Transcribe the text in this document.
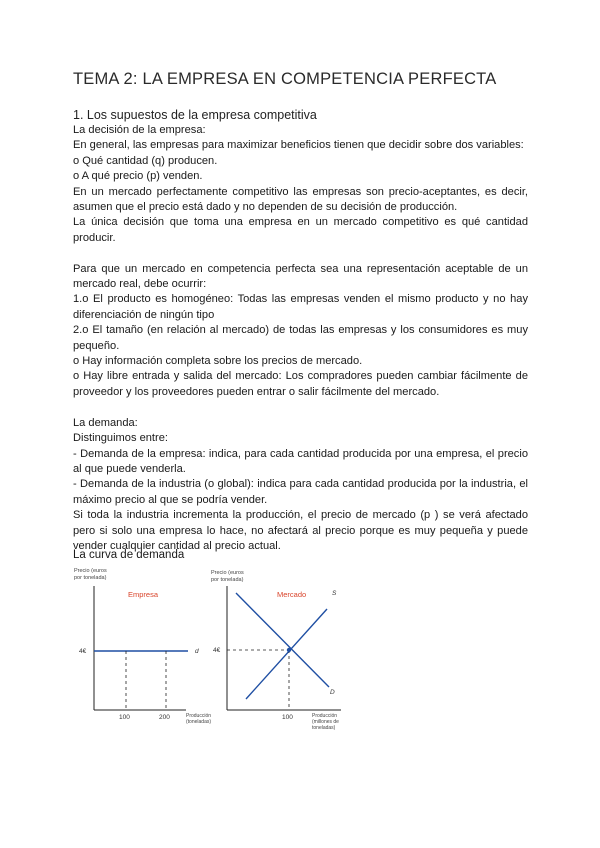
TEMA 2: LA EMPRESA EN COMPETENCIA PERFECTA
1. Los supuestos de la empresa competitiva

La decisión de la empresa:

En general, las empresas para maximizar beneficios tienen que decidir sobre dos variables:

o Qué cantidad (q) producen.

o A qué precio (p) venden.

En un mercado perfectamente competitivo las empresas son precio-aceptantes, es decir,

asumen que el precio está dado y no dependen de su decisión de producción.

La única decisión que toma una empresa en un mercado competitivo es qué cantidad

producir.

Para que un mercado en competencia perfecta sea una representación aceptable de un

mercado real, debe ocurrir:

1.o El producto es homogéneo: Todas las empresas venden el mismo producto y no hay

diferenciación de ningún tipo

2.o El tamaño (en relación al mercado) de todas las empresas y los consumidores es muy

pequeño.

o Hay información completa sobre los precios de mercado.

o Hay libre entrada y salida del mercado: Los compradores pueden cambiar fácilmente de

proveedor y los proveedores pueden entrar o salir fácilmente del mercado.

La demanda:

Distinguimos entre:

- Demanda de la empresa: indica, para cada cantidad producida por una empresa, el precio

al que puede venderla.

- Demanda de la industria (o global): indica para cada cantidad producida por la industria, el

máximo precio al que se podría vender.

Si toda la industria incrementa la producción, el precio de mercado (p ) se verá afectado

pero si solo una empresa lo hace, no afectará al precio porque es muy pequeña y puede

vender cualquier cantidad al precio actual.

La curva de demanda
Precio (euros
por tonelada)
Empresa
4€	d
100	200	Producción
(toneladas)
Precio (euros
por tonelada)
Mercado	S
D
4€
100	Producción
(millones de
toneladas)
